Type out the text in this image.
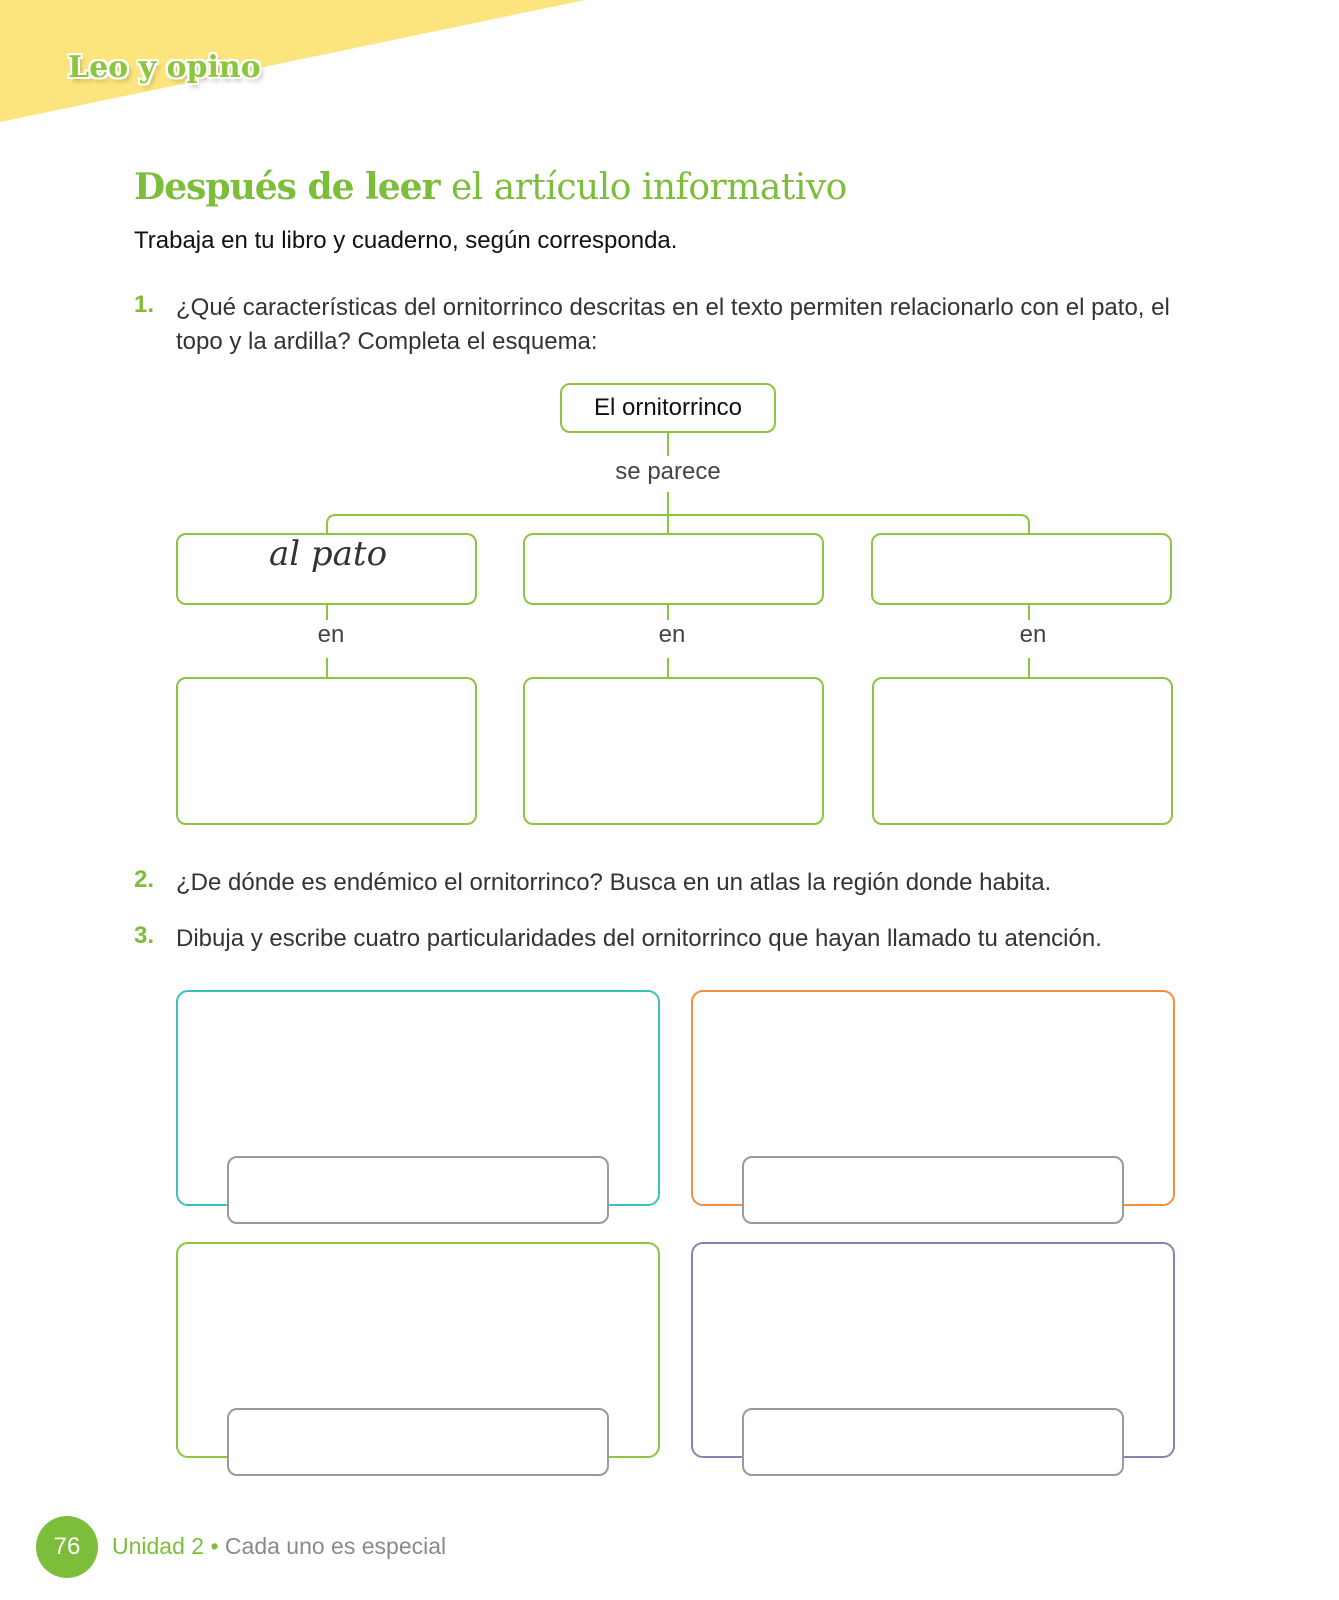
Leo y opino
Después de leer el artículo informativo
Trabaja en tu libro y cuaderno, según corresponda.
1. ¿Qué características del ornitorrinco descritas en el texto permiten relacionarlo con el pato, el topo y la ardilla? Completa el esquema:
El ornitorrinco
se parece
al pato
en	en	en
2. ¿De dónde es endémico el ornitorrinco? Busca en un atlas la región donde habita.
3. Dibuja y escribe cuatro particularidades del ornitorrinco que hayan llamado tu atención.
76	Unidad 2 • Cada uno es especial
